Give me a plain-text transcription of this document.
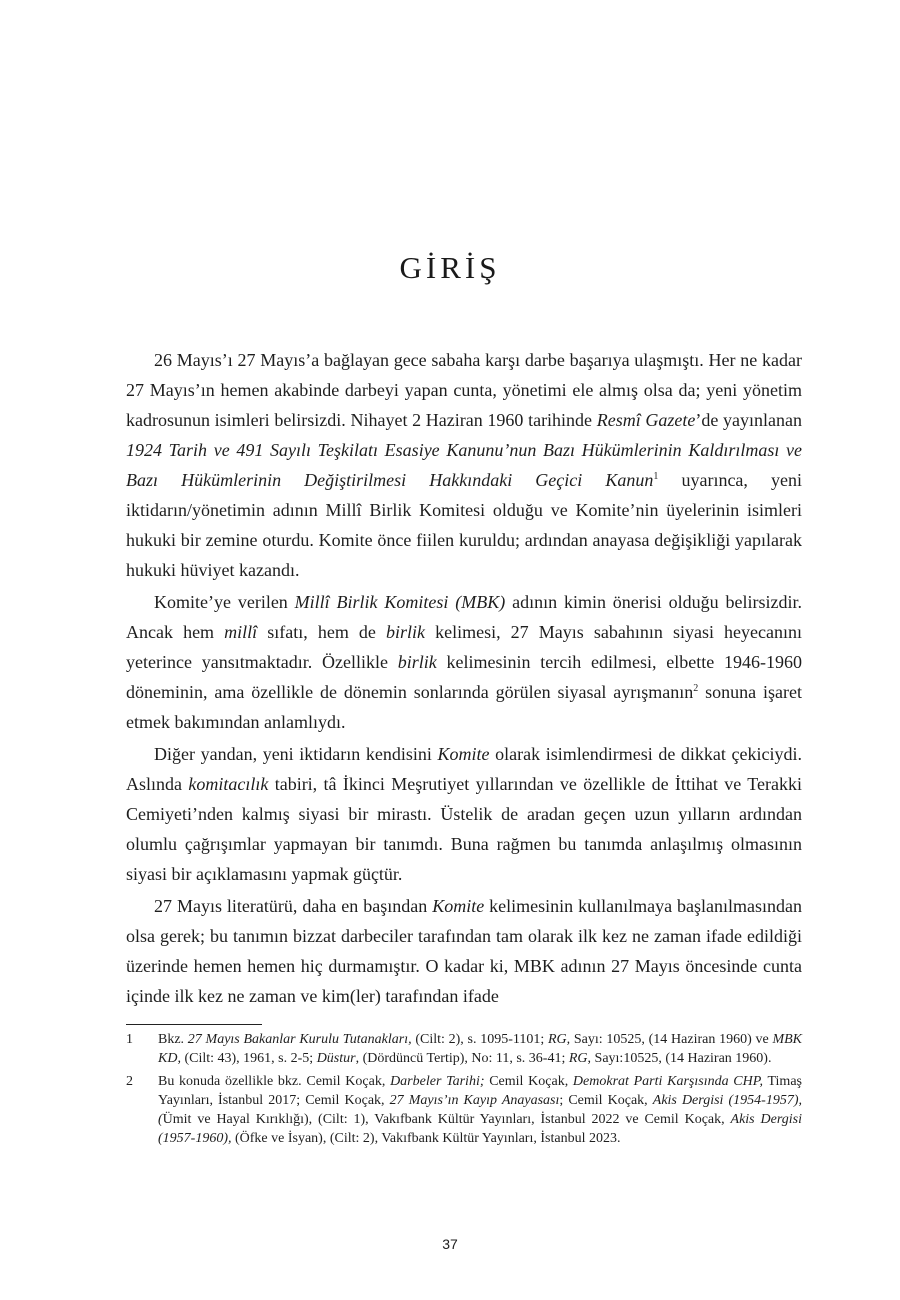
GİRİŞ

26 Mayıs’ı 27 Mayıs’a bağlayan gece sabaha karşı darbe başarıya ulaşmıştı. Her ne kadar 27 Mayıs’ın hemen akabinde darbeyi yapan cunta, yönetimi ele almış olsa da; yeni yönetim kadrosunun isimleri belirsizdi. Nihayet 2 Haziran 1960 tarihinde Resmî Gazete’de yayınlanan 1924 Tarih ve 491 Sayılı Teşkilatı Esasiye Kanunu’nun Bazı Hükümlerinin Kaldırılması ve Bazı Hükümlerinin Değiştirilmesi Hakkındaki Geçici Kanun$^1$ uyarınca, yeni iktidarın/yönetimin adının Millî Birlik Komitesi olduğu ve Komite’nin üyelerinin isimleri hukuki bir zemine oturdu. Komite önce fiilen kuruldu; ardından anayasa değişikliği yapılarak hukuki hüviyet kazandı.

Komite’ye verilen Millî Birlik Komitesi (MBK) adının kimin önerisi olduğu belirsizdir. Ancak hem millî sıfatı, hem de birlik kelimesi, 27 Mayıs sabahının siyasi heyecanını yeterince yansıtmaktadır. Özellikle birlik kelimesinin tercih edilmesi, elbette 1946-1960 döneminin, ama özellikle de dönemin sonlarında görülen siyasal ayrışmanın$^2$ sonuna işaret etmek bakımından anlamlıydı.

Diğer yandan, yeni iktidarın kendisini Komite olarak isimlendirmesi de dikkat çekiciydi. Aslında komitacılık tabiri, tâ İkinci Meşrutiyet yıllarından ve özellikle de İttihat ve Terakki Cemiyeti’nden kalmış siyasi bir mirastı. Üstelik de aradan geçen uzun yılların ardından olumlu çağrışımlar yapmayan bir tanımdı. Buna rağmen bu tanımda anlaşılmış olmasının siyasi bir açıklamasını yapmak güçtür.

27 Mayıs literatürü, daha en başından Komite kelimesinin kullanılmaya başlanılmasından olsa gerek; bu tanımın bizzat darbeciler tarafından tam olarak ilk kez ne zaman ifade edildiği üzerinde hemen hemen hiç durmamıştır. O kadar ki, MBK adının 27 Mayıs öncesinde cunta içinde ilk kez ne zaman ve kim(ler) tarafından ifade

1	Bkz. 27 Mayıs Bakanlar Kurulu Tutanakları, (Cilt: 2), s. 1095-1101; RG, Sayı: 10525, (14 Haziran 1960) ve MBK KD, (Cilt: 43), 1961, s. 2-5; Düstur, (Dördüncü Tertip), No: 11, s. 36-41; RG, Sayı:10525, (14 Haziran 1960).
2	Bu konuda özellikle bkz. Cemil Koçak, Darbeler Tarihi; Cemil Koçak, Demokrat Parti Karşısında CHP, Timaş Yayınları, İstanbul 2017; Cemil Koçak, 27 Mayıs’ın Kayıp Anayasası; Cemil Koçak, Akis Dergisi (1954-1957), (Ümit ve Hayal Kırıklığı), (Cilt: 1), Vakıfbank Kültür Yayınları, İstanbul 2022 ve Cemil Koçak, Akis Dergisi (1957-1960), (Öfke ve İsyan), (Cilt: 2), Vakıfbank Kültür Yayınları, İstanbul 2023.
37
